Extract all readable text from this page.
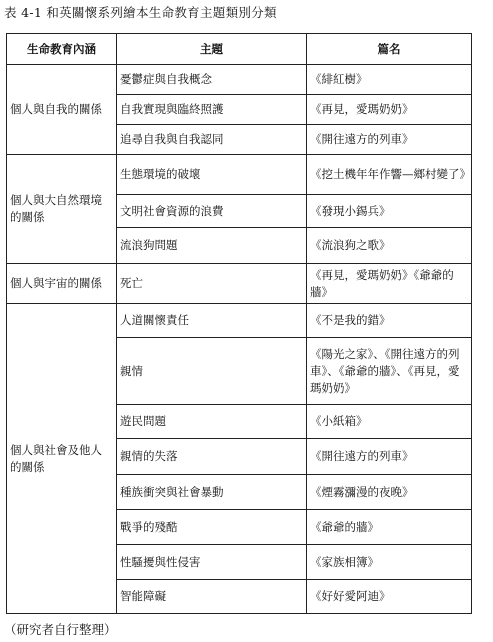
表 4-1 和英關懷系列繪本生命教育主題類別分類
生命教育內涵	主題	篇名
個人與自我的關係	憂鬱症與自我概念	《緋紅樹》
	自我實現與臨終照護	《再見，愛瑪奶奶》
	追尋自我與自我認同	《開往遠方的列車》
個人與大自然環境的關係	生態環境的破壞	《挖土機年年作響—鄉村變了》
	文明社會資源的浪費	《發現小錫兵》
	流浪狗問題	《流浪狗之歌》
個人與宇宙的關係	死亡	《再見，愛瑪奶奶》《爺爺的牆》
個人與社會及他人的關係	人道關懷責任	《不是我的錯》
	親情	《陽光之家》、《開往遠方的列車》、《爺爺的牆》、《再見，愛瑪奶奶》
	遊民問題	《小紙箱》
	親情的失落	《開往遠方的列車》
	種族衝突與社會暴動	《煙霧瀰漫的夜晚》
	戰爭的殘酷	《爺爺的牆》
	性騷擾與性侵害	《家族相簿》
	智能障礙	《好好愛阿迪》
（研究者自行整理）
